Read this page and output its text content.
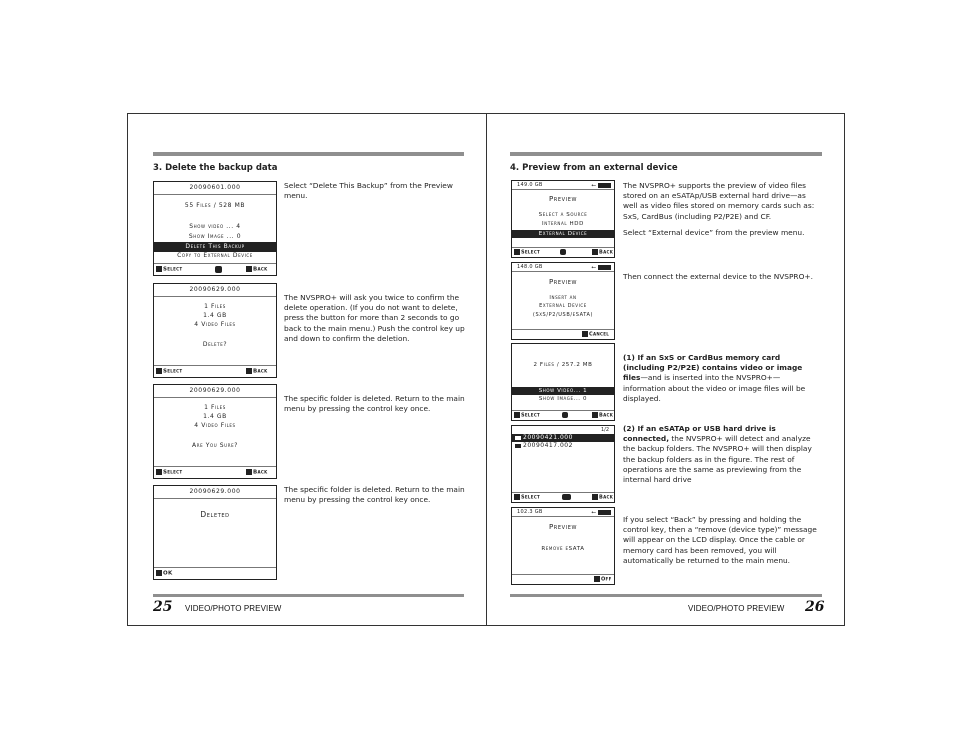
3. Delete the backup data
20090601.000
55 Files / 528 MB
Show video ... 4
Show Image ... 0
Delete This Backup
Copy to External Device
Select	Back

Select “Delete This Backup” from the Preview menu.

20090629.000
1 Files
1.4 GB
4 Video Files
Delete?
Select	Back

The NVSPRO+ will ask you twice to confirm the delete operation. (If you do not want to delete, press the button for more than 2 seconds to go back to the main menu.) Push the control key up and down to confirm the deletion.

20090629.000
1 Files
1.4 GB
4 Video Files
Are You Sure?
Select	Back

The specific folder is deleted. Return to the main menu by pressing the control key once.

20090629.000
Deleted
OK

The specific folder is deleted. Return to the main menu by pressing the control key once.

25 VIDEO/PHOTO PREVIEW
4. Preview from an external device
149.0 GB	⭠
Preview
Select a Source
Internal HDD
External Device
Select	Back

The NVSPRO+ supports the preview of video files stored on an eSATAp/USB external hard drive—as well as video files stored on memory cards such as: SxS, CardBus (including P2/P2E) and CF.

Select “External device” from the preview menu.

148.0 GB	⭠
Preview
Insert an
External Device
(SxS/P2/USB/eSATA)
Cancel

Then connect the external device to the NVSPRO+.

2 Files / 257.2 MB
Show Video... 1
Show Image... 0
Select	Back

(1) If an SxS or CardBus memory card (including P2/P2E) contains video or image files—and is inserted into the NVSPRO+—information about the video or image files will be displayed.

1/2
20090421.000
20090417.002
Select	Back

(2) If an eSATAp or USB hard drive is connected, the NVSPRO+ will detect and analyze the backup folders. The NVSPRO+ will then display the backup folders as in the figure. The rest of operations are the same as previewing from the internal hard drive

102.3 GB	⭠
Preview
Remove eSATA
Off

If you select “Back” by pressing and holding the control key, then a “remove (device type)” message will appear on the LCD display. Once the cable or memory card has been removed, you will automatically be returned to the main menu.

VIDEO/PHOTO PREVIEW 26
